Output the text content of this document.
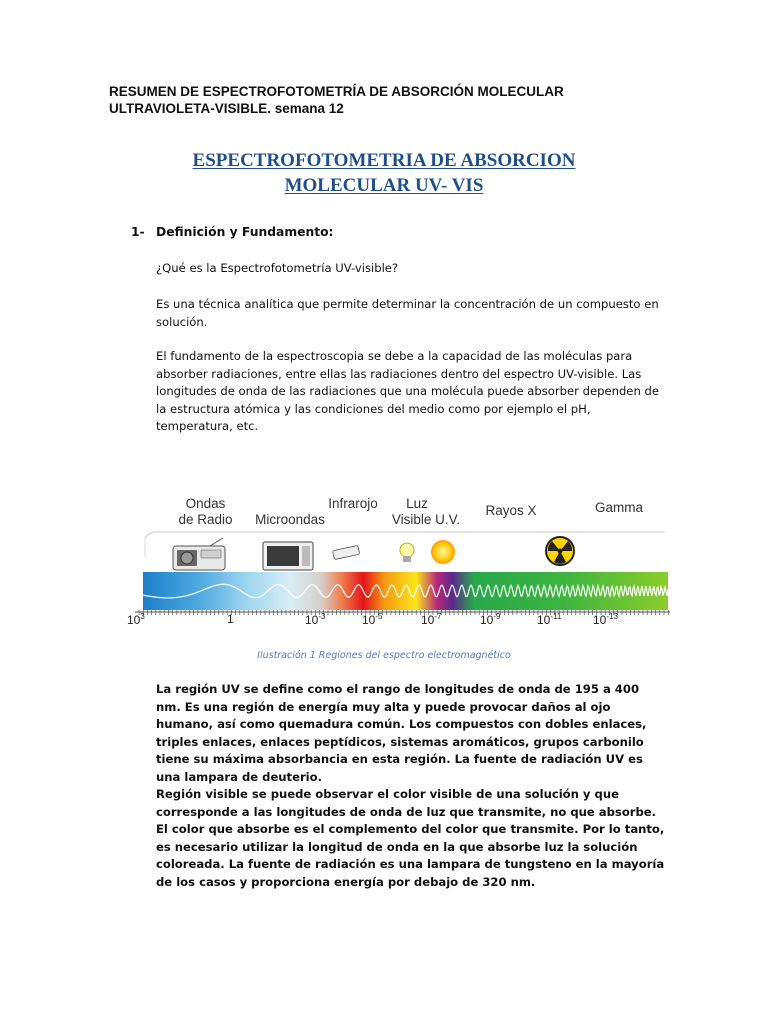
RESUMEN DE ESPECTROFOTOMETRÍA DE ABSORCIÓN MOLECULAR ULTRAVIOLETA-VISIBLE. semana 12
ESPECTROFOTOMETRIA DE ABSORCION
MOLECULAR UV- VIS
1- Definición y Fundamento:
¿Qué es la Espectrofotometría UV-visible?
Es una técnica analítica que permite determinar la concentración de un compuesto en solución.
El fundamento de la espectroscopia se debe a la capacidad de las moléculas para absorber radiaciones, entre ellas las radiaciones dentro del espectro UV-visible. Las longitudes de onda de las radiaciones que una molécula puede absorber dependen de la estructura atómica y las condiciones del medio como por ejemplo el pH, temperatura, etc.
Ondas
de Radio	Microondas
Infrarojo	Luz
Visible U.V.
Rayos X	Gamma
$10^3$	1	$10^{-3}$	$10^{-5}$	$10^{-7}$	$10^{-9}$	$10^{-11}$	$10^{-13}$
Ilustración 1 Regiones del espectro electromagnético
La región UV se define como el rango de longitudes de onda de 195 a 400 nm. Es una región de energía muy alta y puede provocar daños al ojo humano, así como quemadura común. Los compuestos con dobles enlaces, triples enlaces, enlaces peptídicos, sistemas aromáticos, grupos carbonilo tiene su máxima absorbancia en esta región. La fuente de radiación UV es una lampara de deuterio.
Región visible se puede observar el color visible de una solución y que corresponde a las longitudes de onda de luz que transmite, no que absorbe. El color que absorbe es el complemento del color que transmite. Por lo tanto, es necesario utilizar la longitud de onda en la que absorbe luz la solución coloreada. La fuente de radiación es una lampara de tungsteno en la mayoría de los casos y proporciona energía por debajo de 320 nm.
